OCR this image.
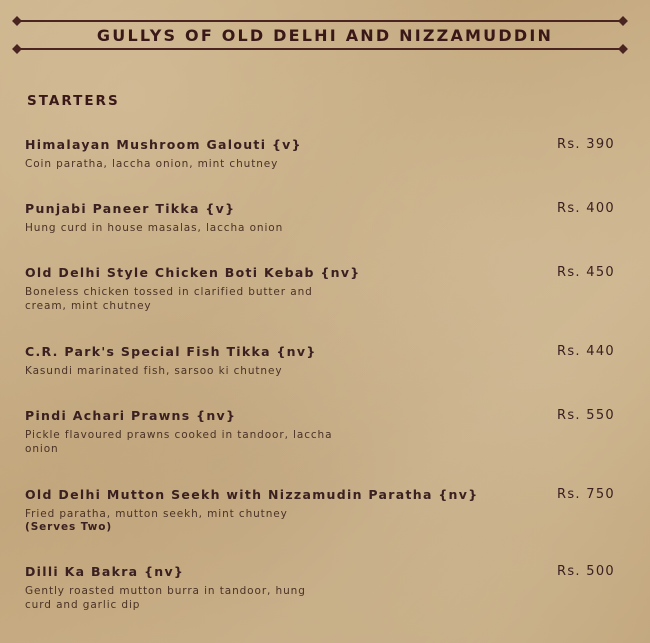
GULLYS OF OLD DELHI AND NIZZAMUDDIN
STARTERS
Himalayan Mushroom Galouti {v}	Rs. 390
Coin paratha, laccha onion, mint chutney
Punjabi Paneer Tikka {v}	Rs. 400
Hung curd in house masalas, laccha onion
Old Delhi Style Chicken Boti Kebab {nv}	Rs. 450
Boneless chicken tossed in clarified butter and cream, mint chutney
C.R. Park's Special Fish Tikka {nv}	Rs. 440
Kasundi marinated fish, sarsoo ki chutney
Pindi Achari Prawns {nv}	Rs. 550
Pickle flavoured prawns cooked in tandoor, laccha onion
Old Delhi Mutton Seekh with Nizzamudin Paratha {nv}	Rs. 750
Fried paratha, mutton seekh, mint chutney
(Serves Two)
Dilli Ka Bakra {nv}	Rs. 500
Gently roasted mutton burra in tandoor, hung curd and garlic dip
